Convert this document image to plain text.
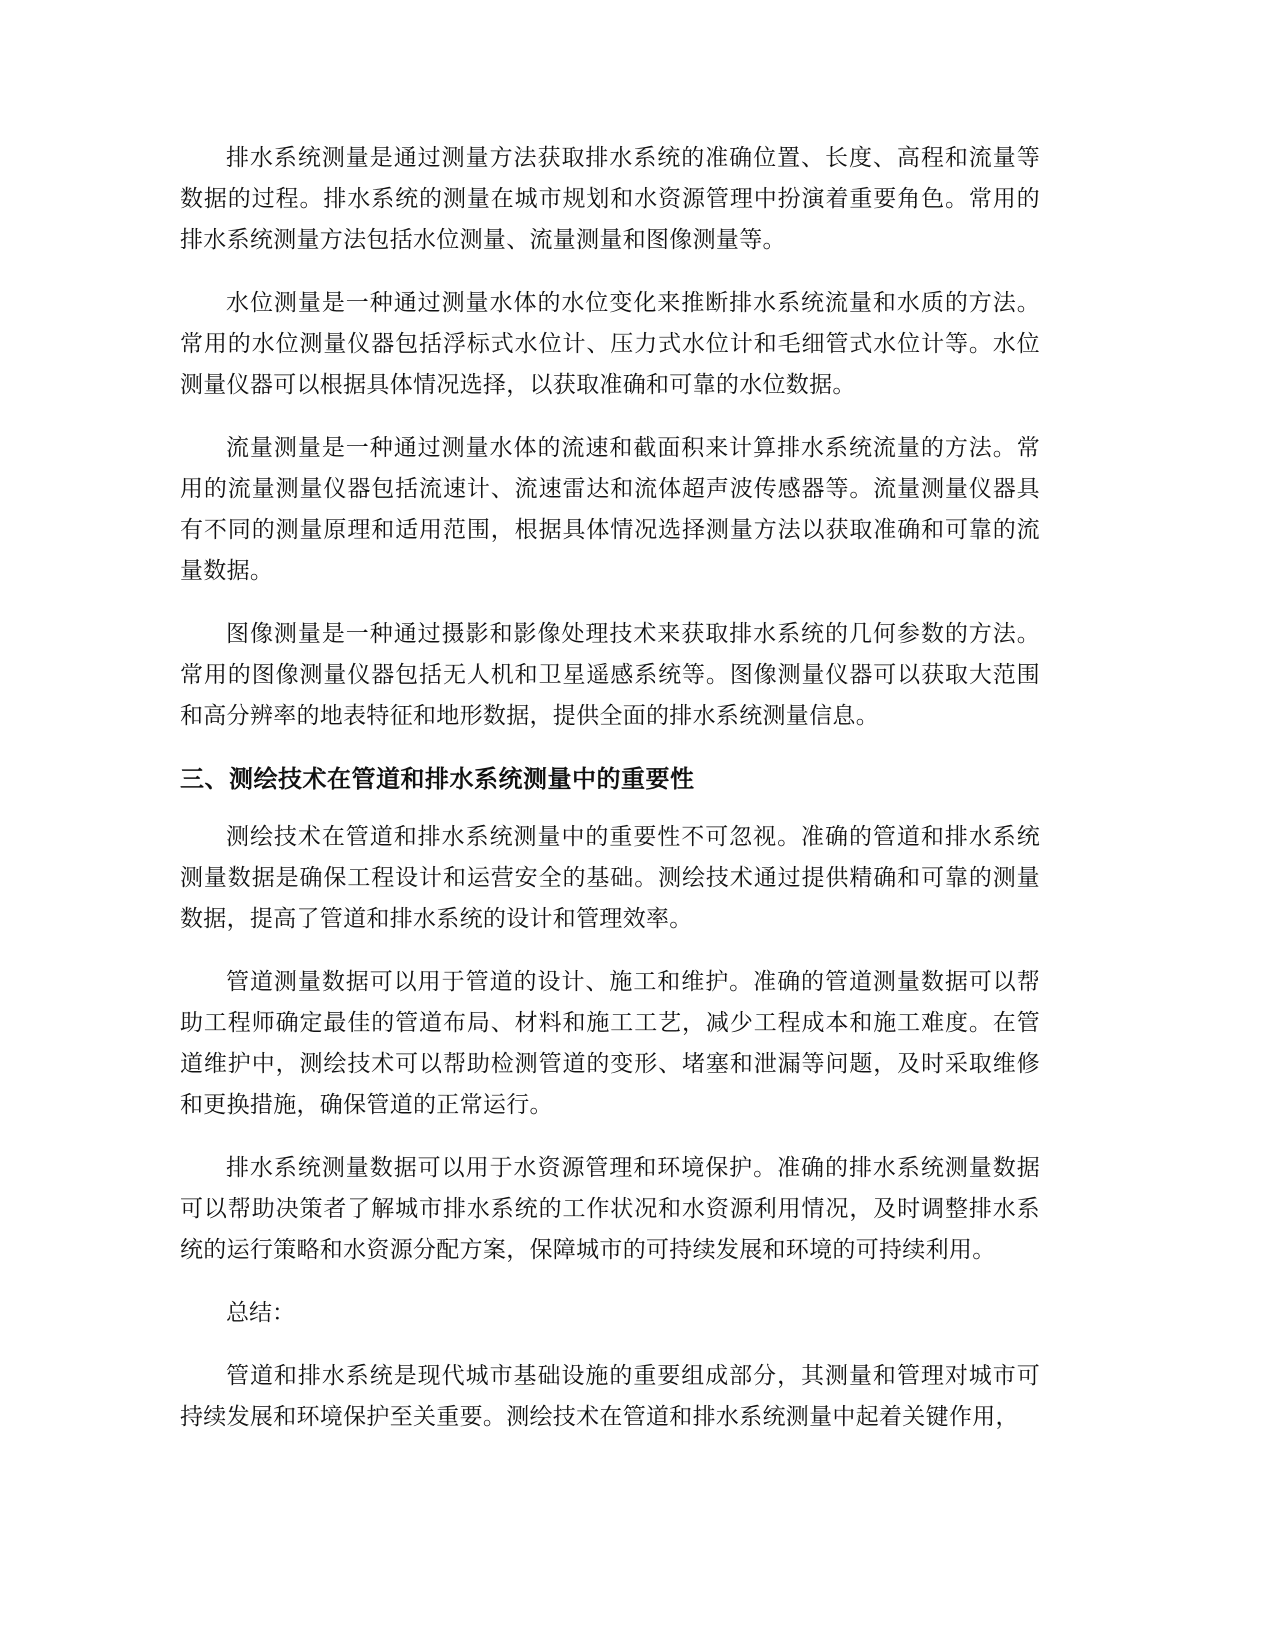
排水系统测量是通过测量方法获取排水系统的准确位置、长度、高程和流量等数据的过程。排水系统的测量在城市规划和水资源管理中扮演着重要角色。常用的排水系统测量方法包括水位测量、流量测量和图像测量等。

水位测量是一种通过测量水体的水位变化来推断排水系统流量和水质的方法。常用的水位测量仪器包括浮标式水位计、压力式水位计和毛细管式水位计等。水位测量仪器可以根据具体情况选择，以获取准确和可靠的水位数据。

流量测量是一种通过测量水体的流速和截面积来计算排水系统流量的方法。常用的流量测量仪器包括流速计、流速雷达和流体超声波传感器等。流量测量仪器具有不同的测量原理和适用范围，根据具体情况选择测量方法以获取准确和可靠的流量数据。

图像测量是一种通过摄影和影像处理技术来获取排水系统的几何参数的方法。常用的图像测量仪器包括无人机和卫星遥感系统等。图像测量仪器可以获取大范围和高分辨率的地表特征和地形数据，提供全面的排水系统测量信息。

三、测绘技术在管道和排水系统测量中的重要性

测绘技术在管道和排水系统测量中的重要性不可忽视。准确的管道和排水系统测量数据是确保工程设计和运营安全的基础。测绘技术通过提供精确和可靠的测量数据，提高了管道和排水系统的设计和管理效率。

管道测量数据可以用于管道的设计、施工和维护。准确的管道测量数据可以帮助工程师确定最佳的管道布局、材料和施工工艺，减少工程成本和施工难度。在管道维护中，测绘技术可以帮助检测管道的变形、堵塞和泄漏等问题，及时采取维修和更换措施，确保管道的正常运行。

排水系统测量数据可以用于水资源管理和环境保护。准确的排水系统测量数据可以帮助决策者了解城市排水系统的工作状况和水资源利用情况，及时调整排水系统的运行策略和水资源分配方案，保障城市的可持续发展和环境的可持续利用。

总结：

管道和排水系统是现代城市基础设施的重要组成部分，其测量和管理对城市可持续发展和环境保护至关重要。测绘技术在管道和排水系统测量中起着关键作用，
